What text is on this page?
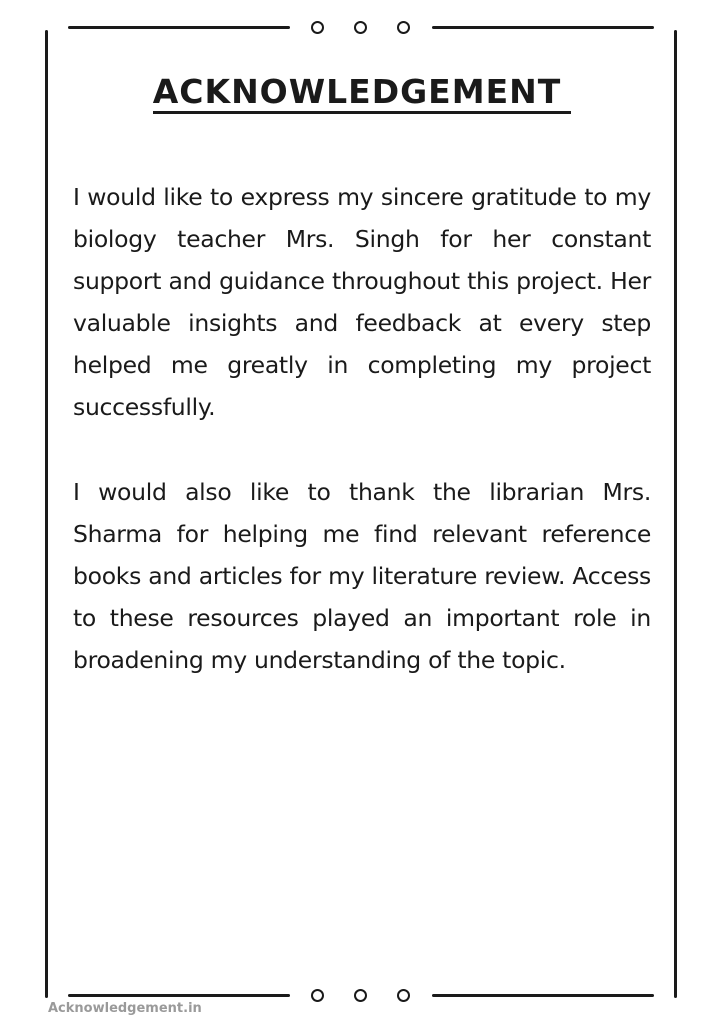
ACKNOWLEDGEMENT
I would like to express my sincere gratitude to my biology teacher Mrs. Singh for her constant support and guidance throughout this project. Her valuable insights and feedback at every step helped me greatly in completing my project successfully.
I would also like to thank the librarian Mrs. Sharma for helping me find relevant reference books and articles for my literature review. Access to these resources played an important role in broadening my understanding of the topic.
Acknowledgement.in
